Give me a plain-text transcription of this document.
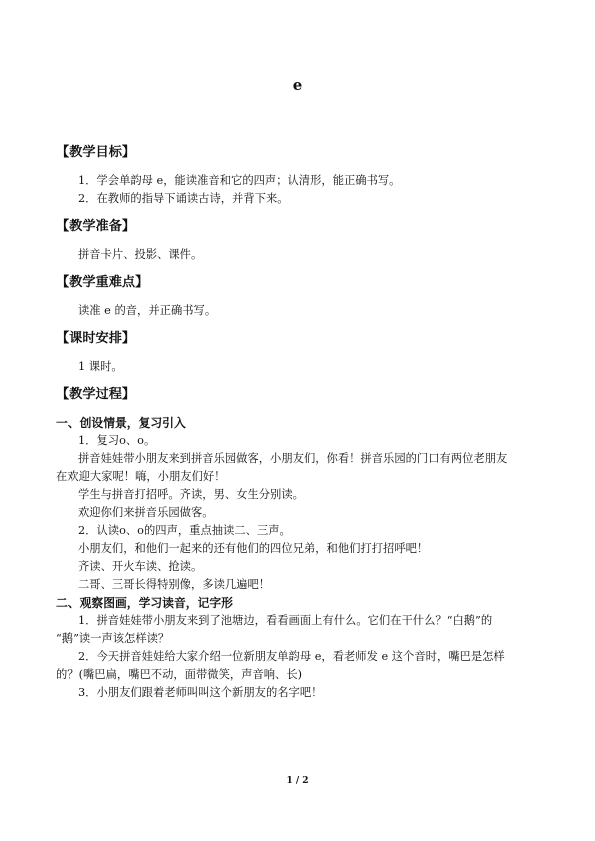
e
【教学目标】
1．学会单韵母 e，能读准音和它的四声；认清形，能正确书写。
2．在教师的指导下诵读古诗，并背下来。
【教学准备】
拼音卡片、投影、课件。
【教学重难点】
读准 e 的音，并正确书写。
【课时安排】
1 课时。
【教学过程】
一、创设情景，复习引入
1．复习o、o。
拼音娃娃带小朋友来到拼音乐园做客，小朋友们，你看！拼音乐园的门口有两位老朋友
在欢迎大家呢！嗨，小朋友们好！
学生与拼音打招呼。齐读，男、女生分别读。
欢迎你们来拼音乐园做客。
2．认读o、o的四声，重点抽读二、三声。
小朋友们，和他们一起来的还有他们的四位兄弟，和他们打打招呼吧！
齐读、开火车读、抢读。
二哥、三哥长得特别像，多读几遍吧！
二、观察图画，学习读音，记字形
1．拼音娃娃带小朋友来到了池塘边，看看画面上有什么。它们在干什么？“白鹅”的
“鹅”读一声该怎样读？
2．今天拼音娃娃给大家介绍一位新朋友单韵母 e，看老师发 e 这个音时，嘴巴是怎样
的？(嘴巴扁，嘴巴不动，面带微笑，声音响、长)
3．小朋友们跟着老师叫叫这个新朋友的名字吧！
1 / 2
